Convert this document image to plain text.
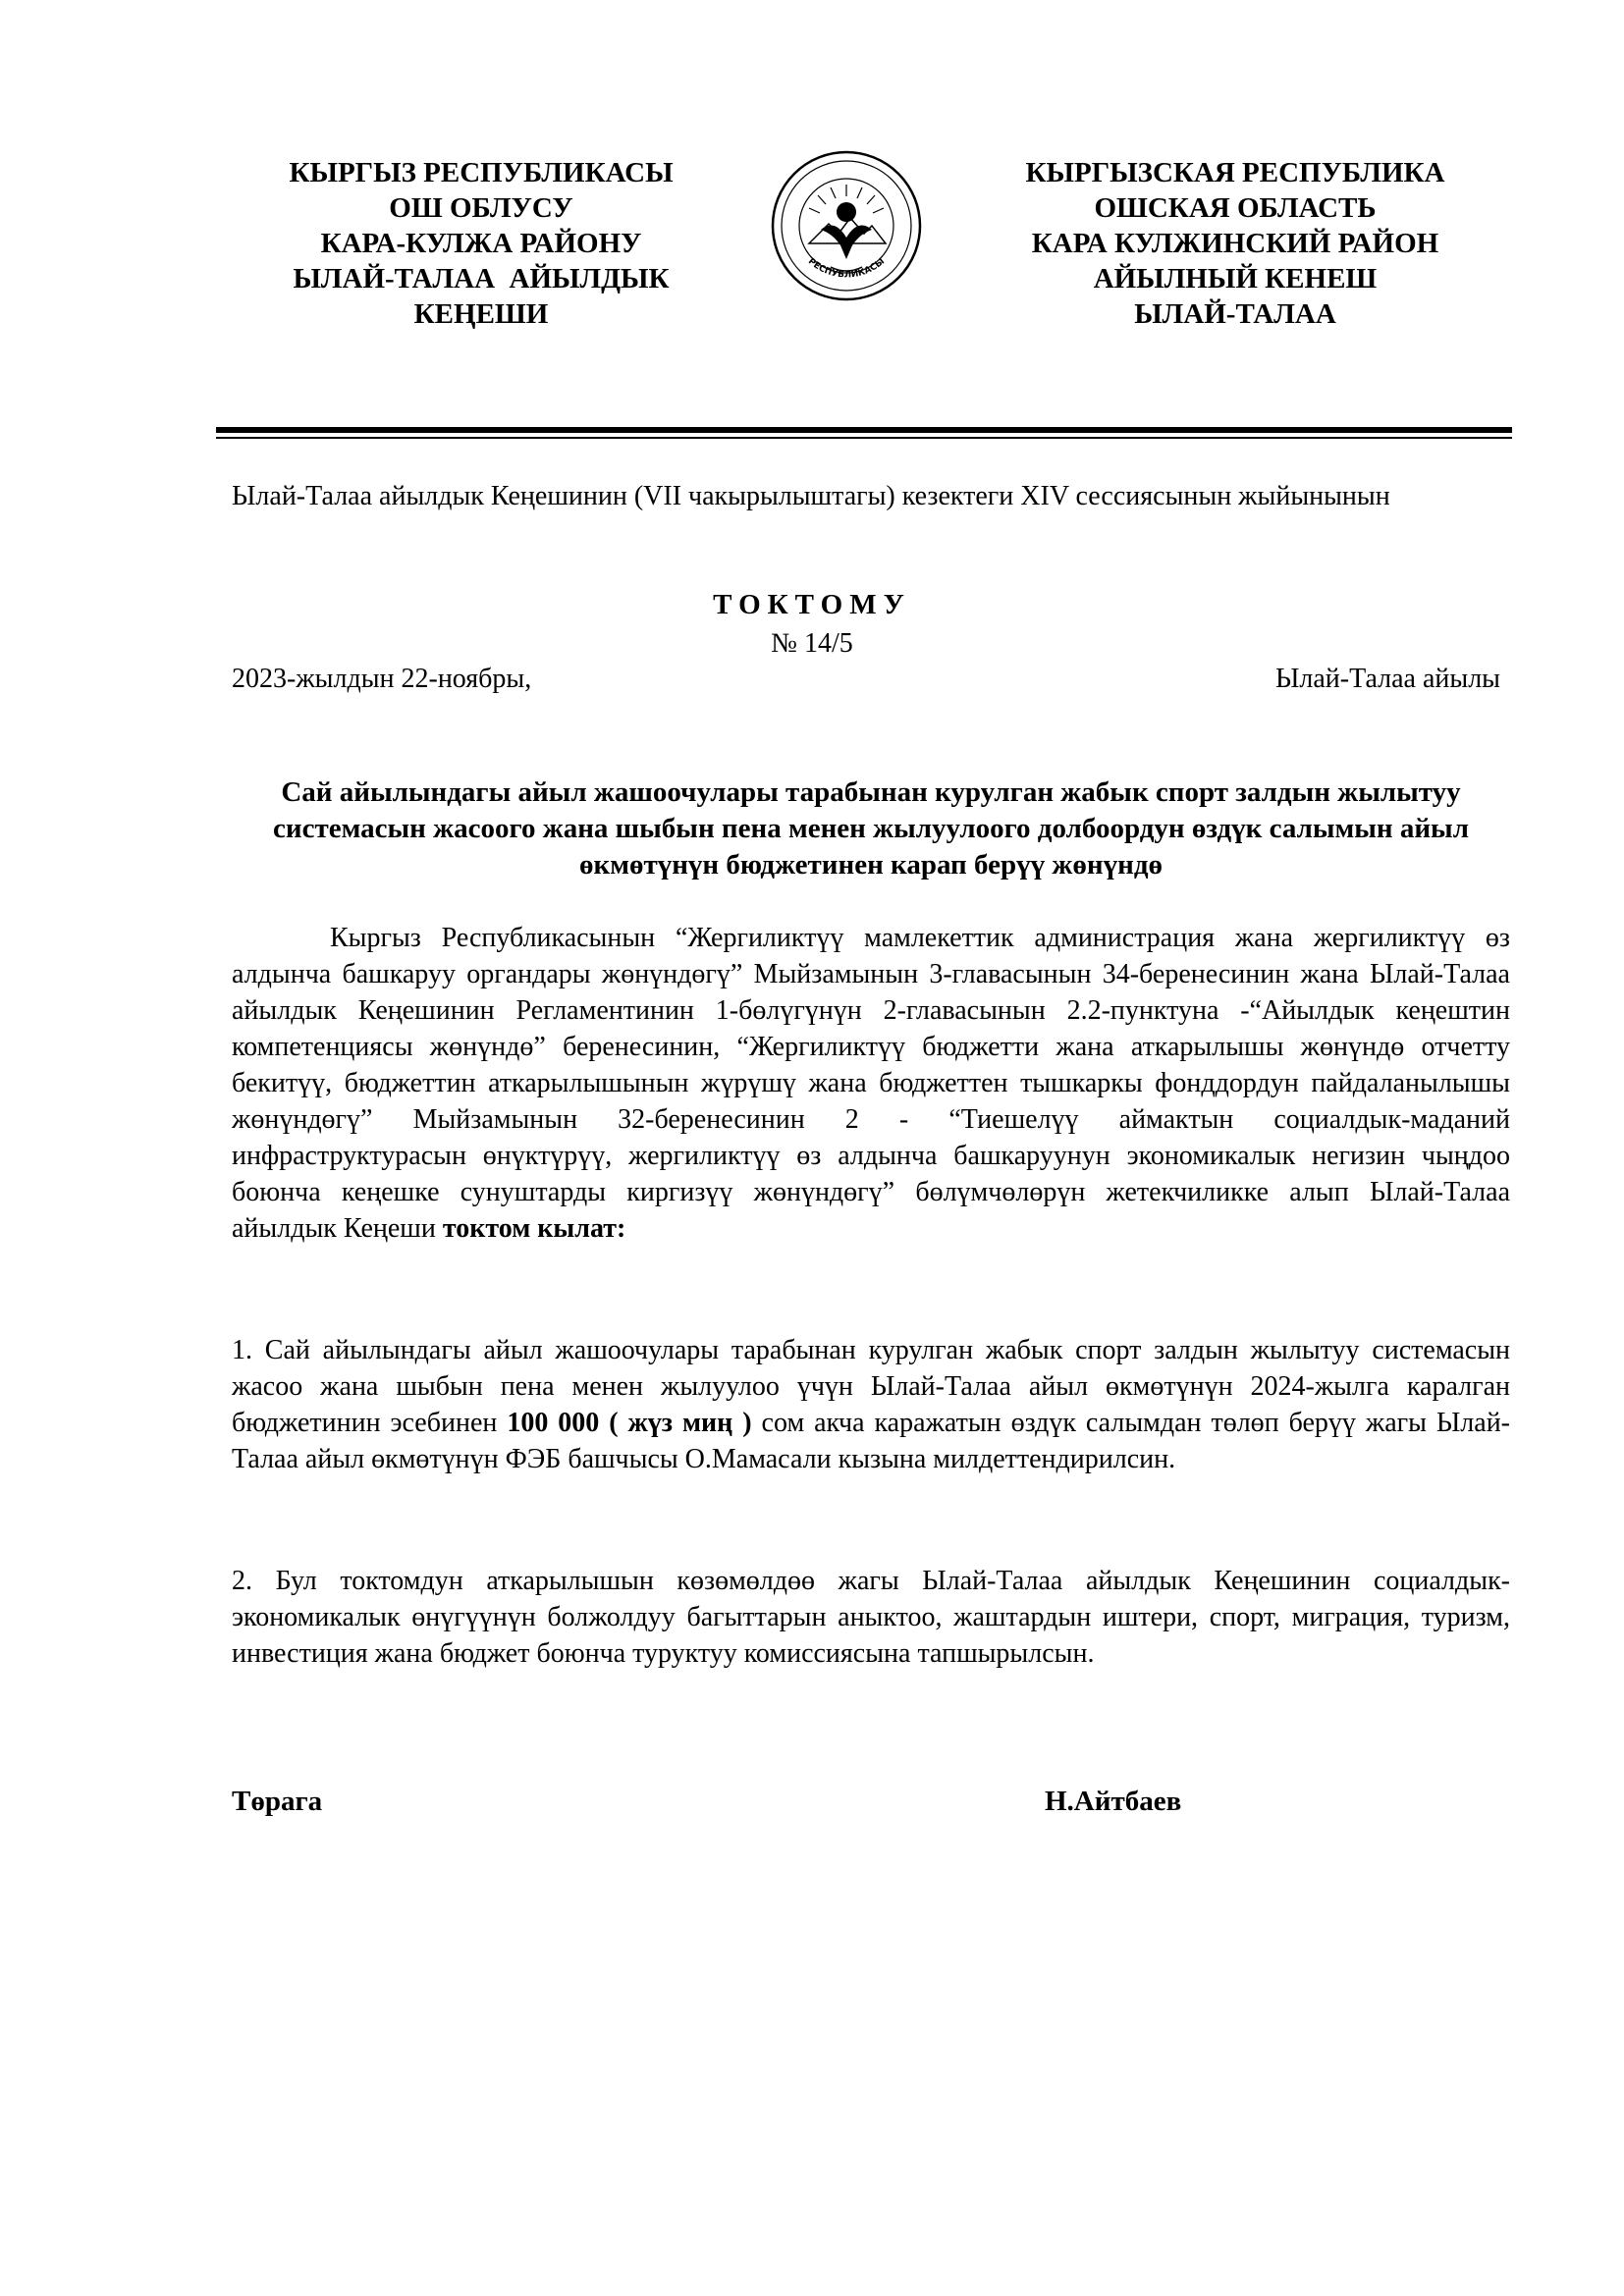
КЫРГЫЗ РЕСПУБЛИКАСЫ
ОШ ОБЛУСУ
КАРА-КУЛЖА РАЙОНУ
ЫЛАЙ-ТАЛАА  АЙЫЛДЫК
КЕҢЕШИ
РЕСПУБЛИКАСЫ
КЫРГЫЗСКАЯ РЕСПУБЛИКА
ОШСКАЯ ОБЛАСТЬ
КАРА КУЛЖИНСКИЙ РАЙОН
АЙЫЛНЫЙ КЕНЕШ
ЫЛАЙ-ТАЛАА
Ылай-Талаа айылдык Кеңешинин (VII чакырылыштагы) кезектеги XIV сессиясынын жыйынынын
ТОКТОМУ
№ 14/5
2023-жылдын 22-ноябры,	Ылай-Талаа айылы
Сай айылындагы айыл жашоочулары тарабынан курулган жабык спорт залдын жылытуу системасын жасоого жана шыбын пена менен жылуулоого долбоордун өздүк салымын айыл өкмөтүнүн бюджетинен карап берүү жөнүндө
Кыргыз Республикасынын “Жергиликтүү мамлекеттик администрация жана жергиликтүү өз алдынча башкаруу органдары жөнүндөгү” Мыйзамынын 3-главасынын 34-беренесинин жана Ылай-Талаа айылдык Кеңешинин Регламентинин 1-бөлүгүнүн 2-главасынын 2.2-пунктуна -“Айылдык кеңештин компетенциясы жөнүндө” беренесинин, “Жергиликтүү бюджетти жана аткарылышы жөнүндө отчетту бекитүү, бюджеттин аткарылышынын жүрүшү жана бюджеттен тышкаркы фонддордун пайдаланылышы жөнүндөгү” Мыйзамынын 32-беренесинин 2 - “Тиешелүү аймактын социалдык-маданий инфраструктурасын өнүктүрүү, жергиликтүү өз алдынча башкаруунун экономикалык негизин чыңдоо боюнча кеңешке сунуштарды киргизүү жөнүндөгү” бөлүмчөлөрүн жетекчиликке алып Ылай-Талаа айылдык Кеңеши токтом кылат:
1. Сай айылындагы айыл жашоочулары тарабынан курулган жабык спорт залдын жылытуу системасын жасоо жана шыбын пена менен жылуулоо үчүн Ылай-Талаа айыл өкмөтүнүн 2024-жылга каралган бюджетинин эсебинен 100 000 ( жүз миң ) сом акча каражатын өздүк салымдан төлөп берүү жагы Ылай-Талаа айыл өкмөтүнүн ФЭБ башчысы О.Мамасали кызына милдеттендирилсин.
2. Бул токтомдун аткарылышын көзөмөлдөө жагы Ылай-Талаа айылдык Кеңешинин социалдык-экономикалык өнүгүүнүн болжолдуу багыттарын аныктоо, жаштардын иштери, спорт, миграция, туризм, инвестиция жана бюджет боюнча туруктуу комиссиясына тапшырылсын.
Төрага	Н.Айтбаев
